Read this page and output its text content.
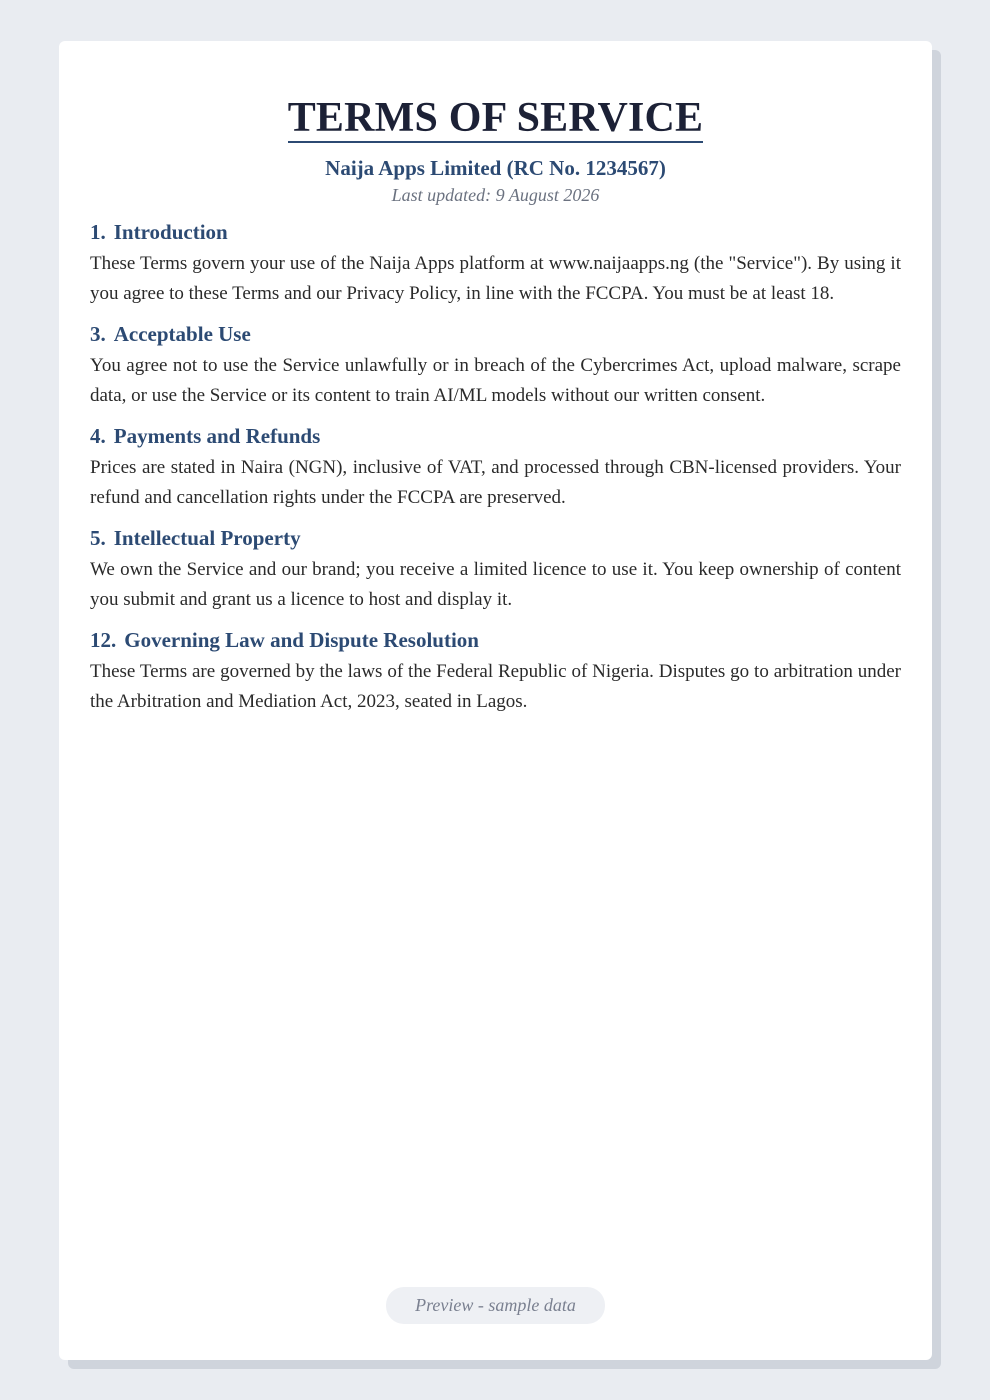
TERMS OF SERVICE
Naija Apps Limited (RC No. 1234567)
Last updated: 9 August 2026
1. Introduction

These Terms govern your use of the Naija Apps platform at www.naijaapps.ng (the "Service"). By using it you agree to these Terms and our Privacy Policy, in line with the FCCPA. You must be at least 18.

3. Acceptable Use

You agree not to use the Service unlawfully or in breach of the Cybercrimes Act, upload malware, scrape data, or use the Service or its content to train AI/ML models without our written consent.

4. Payments and Refunds

Prices are stated in Naira (NGN), inclusive of VAT, and processed through CBN-licensed providers. Your refund and cancellation rights under the FCCPA are preserved.

5. Intellectual Property

We own the Service and our brand; you receive a limited licence to use it. You keep ownership of content you submit and grant us a licence to host and display it.

12. Governing Law and Dispute Resolution

These Terms are governed by the laws of the Federal Republic of Nigeria. Disputes go to arbitration under the Arbitration and Mediation Act, 2023, seated in Lagos.

Preview - sample data
